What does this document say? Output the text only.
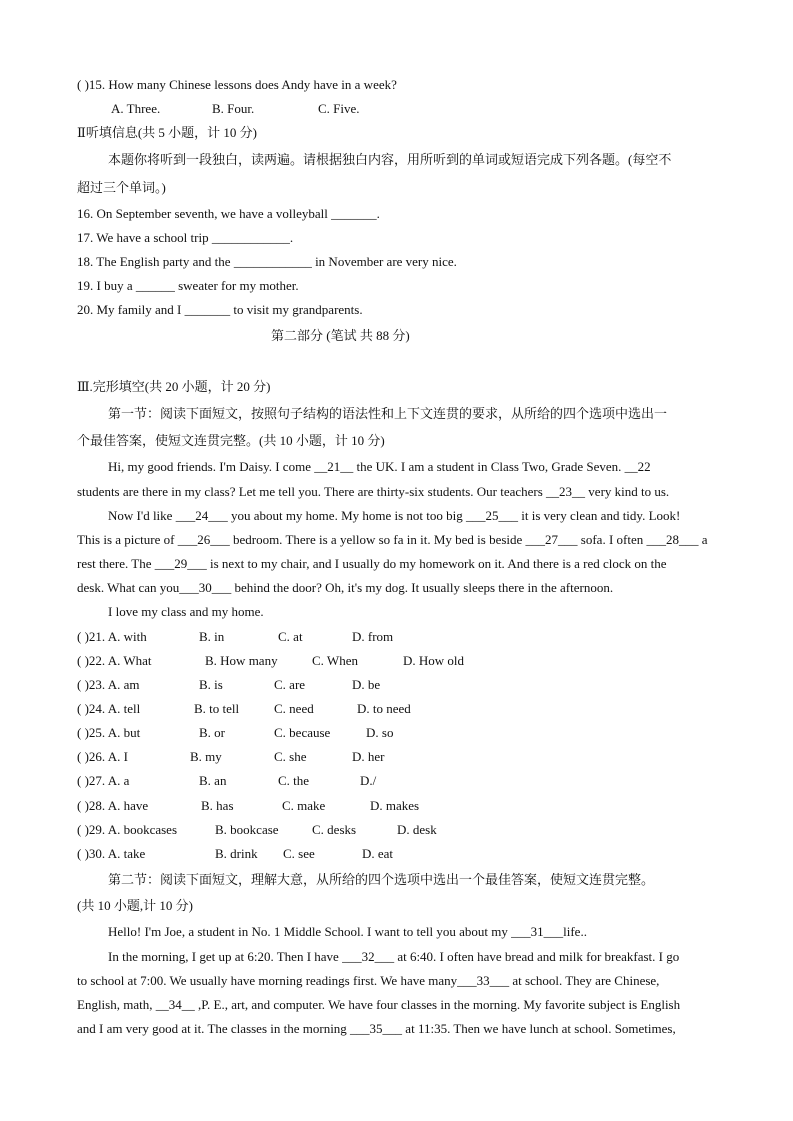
( )15. How many Chinese lessons does Andy have in a week?
A. Three.	B. Four.	C. Five.
Ⅱ听填信息(共 5 小题，计 10 分)
本题你将听到一段独白，读两遍。请根据独白内容，用所听到的单词或短语完成下列各题。(每空不
超过三个单词。)
16. On September seventh, we have a volleyball _______.
17. We have a school trip ____________.
18. The English party and the ____________ in November are very nice.
19. I buy a ______ sweater for my mother.
20. My family and I _______ to visit my grandparents.
第二部分 (笔试 共 88 分)
Ⅲ.完形填空(共 20 小题，计 20 分)
第一节：阅读下面短文，按照句子结构的语法性和上下文连贯的要求，从所给的四个选项中选出一
个最佳答案，使短文连贯完整。(共 10 小题，计 10 分)
Hi, my good friends. I'm Daisy. I come __21__ the UK. I am a student in Class Two, Grade Seven. __22
students are there in my class? Let me tell you. There are thirty-six students. Our teachers __23__ very kind to us.
Now I'd like ___24___ you about my home. My home is not too big ___25___ it is very clean and tidy. Look!
This is a picture of ___26___ bedroom. There is a yellow so fa in it. My bed is beside ___27___ sofa. I often ___28___ a
rest there. The ___29___ is next to my chair, and I usually do my homework on it. And there is a red clock on the
desk. What can you___30___ behind the door? Oh, it's my dog. It usually sleeps there in the afternoon.
I love my class and my home.
( )21. A. with	B. in	C. at	D. from
( )22. A. What	B. How many	C. When	D. How old
( )23. A. am	B. is	C. are	D. be
( )24. A. tell	B. to tell	C. need	D. to need
( )25. A. but	B. or	C. because	D. so
( )26. A. I	B. my	C. she	D. her
( )27. A. a	B. an	C. the	D./
( )28. A. have	B. has	C. make	D. makes
( )29. A. bookcases	B. bookcase	C. desks	D. desk
( )30. A. take	B. drink C. see	D. eat
第二节：阅读下面短文，理解大意，从所给的四个选项中选出一个最佳答案，使短文连贯完整。
(共 10 小题,计 10 分)
Hello! I'm Joe, a student in No. 1 Middle School. I want to tell you about my ___31___life..
In the morning, I get up at 6:20. Then I have ___32___ at 6:40. I often have bread and milk for breakfast. I go
to school at 7:00. We usually have morning readings first. We have many___33___ at school. They are Chinese,
English, math, __34__ ,P. E., art, and computer. We have four classes in the morning. My favorite subject is English
and I am very good at it. The classes in the morning ___35___ at 11:35. Then we have lunch at school. Sometimes,
